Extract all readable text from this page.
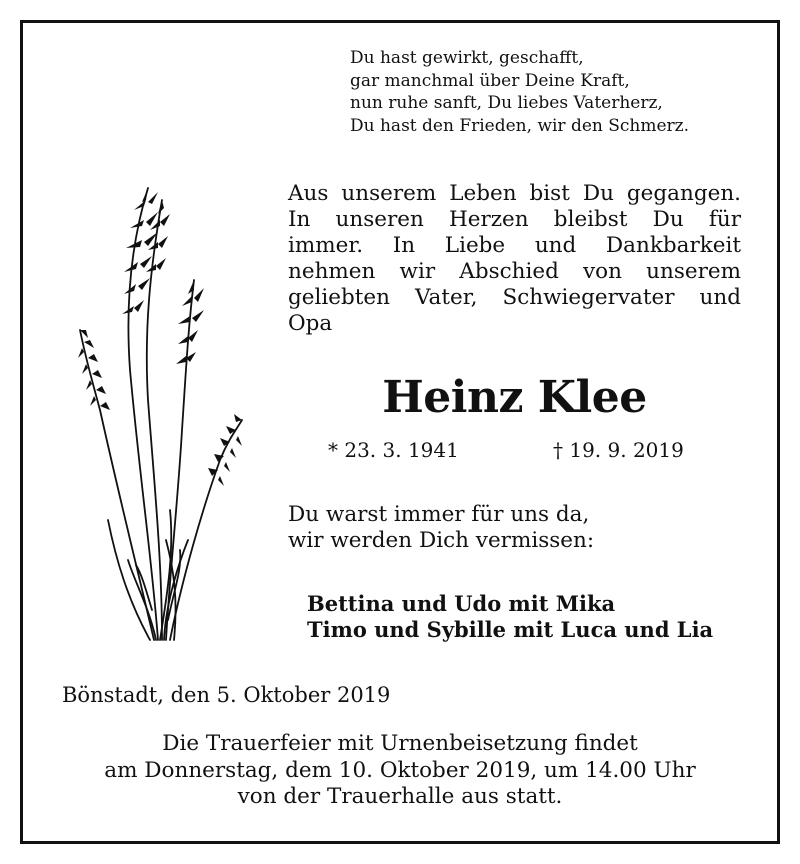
Du hast gewirkt, geschafft,
gar manchmal über Deine Kraft,
nun ruhe sanft, Du liebes Vaterherz,
Du hast den Frieden, wir den Schmerz.
Aus unserem Leben bist Du gegangen.
In unseren Herzen bleibst Du für
immer. In Liebe und Dankbarkeit
nehmen wir Abschied von unserem
geliebten Vater, Schwiegervater und
Opa
Heinz Klee
* 23. 3. 1941	† 19. 9. 2019
Du warst immer für uns da,
wir werden Dich vermissen:
Bettina und Udo mit Mika
Timo und Sybille mit Luca und Lia
Bönstadt, den 5. Oktober 2019
Die Trauerfeier mit Urnenbeisetzung findet
am Donnerstag, dem 10. Oktober 2019, um 14.00 Uhr
von der Trauerhalle aus statt.
